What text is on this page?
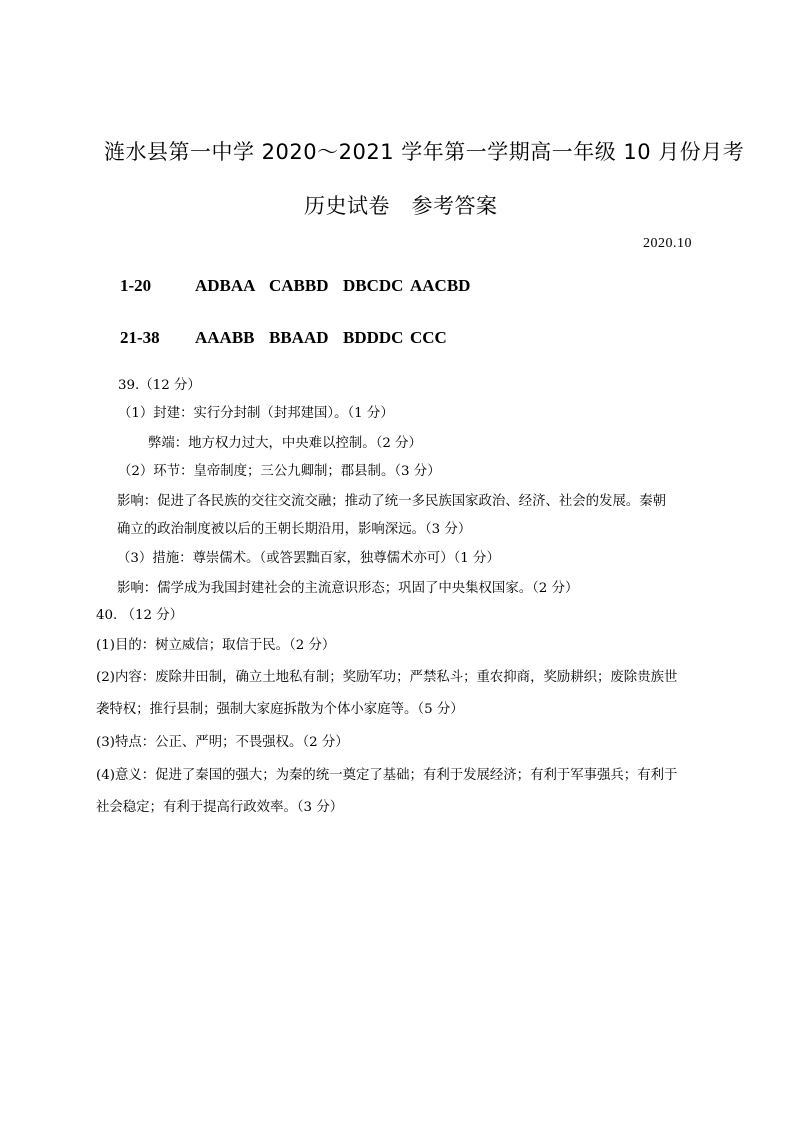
涟水县第一中学 2020～2021 学年第一学期高一年级 10 月份月考
历史试卷　参考答案
2020.10
1-20	ADBAA CABBD DBCDC AACBD
21-38 AAABB BBAAD BDDDC CCC
39.（12 分）
（1）封建：实行分封制（封邦建国）。（1 分）
弊端：地方权力过大，中央难以控制。（2 分）
（2）环节：皇帝制度；三公九卿制；郡县制。（3 分）
影响：促进了各民族的交往交流交融；推动了统一多民族国家政治、经济、社会的发展。秦朝
确立的政治制度被以后的王朝长期沿用，影响深远。（3 分）
（3）措施：尊崇儒术。（或答罢黜百家，独尊儒术亦可）（1 分）
影响：儒学成为我国封建社会的主流意识形态；巩固了中央集权国家。（2 分）
40. （12 分）
(1)目的：树立威信；取信于民。（2 分）
(2)内容：废除井田制，确立土地私有制；奖励军功；严禁私斗；重农抑商，奖励耕织；废除贵族世
袭特权；推行县制；强制大家庭拆散为个体小家庭等。（5 分）
(3)特点：公正、严明；不畏强权。（2 分）
(4)意义：促进了秦国的强大；为秦的统一奠定了基础；有利于发展经济；有利于军事强兵；有利于
社会稳定；有利于提高行政效率。（3 分）
